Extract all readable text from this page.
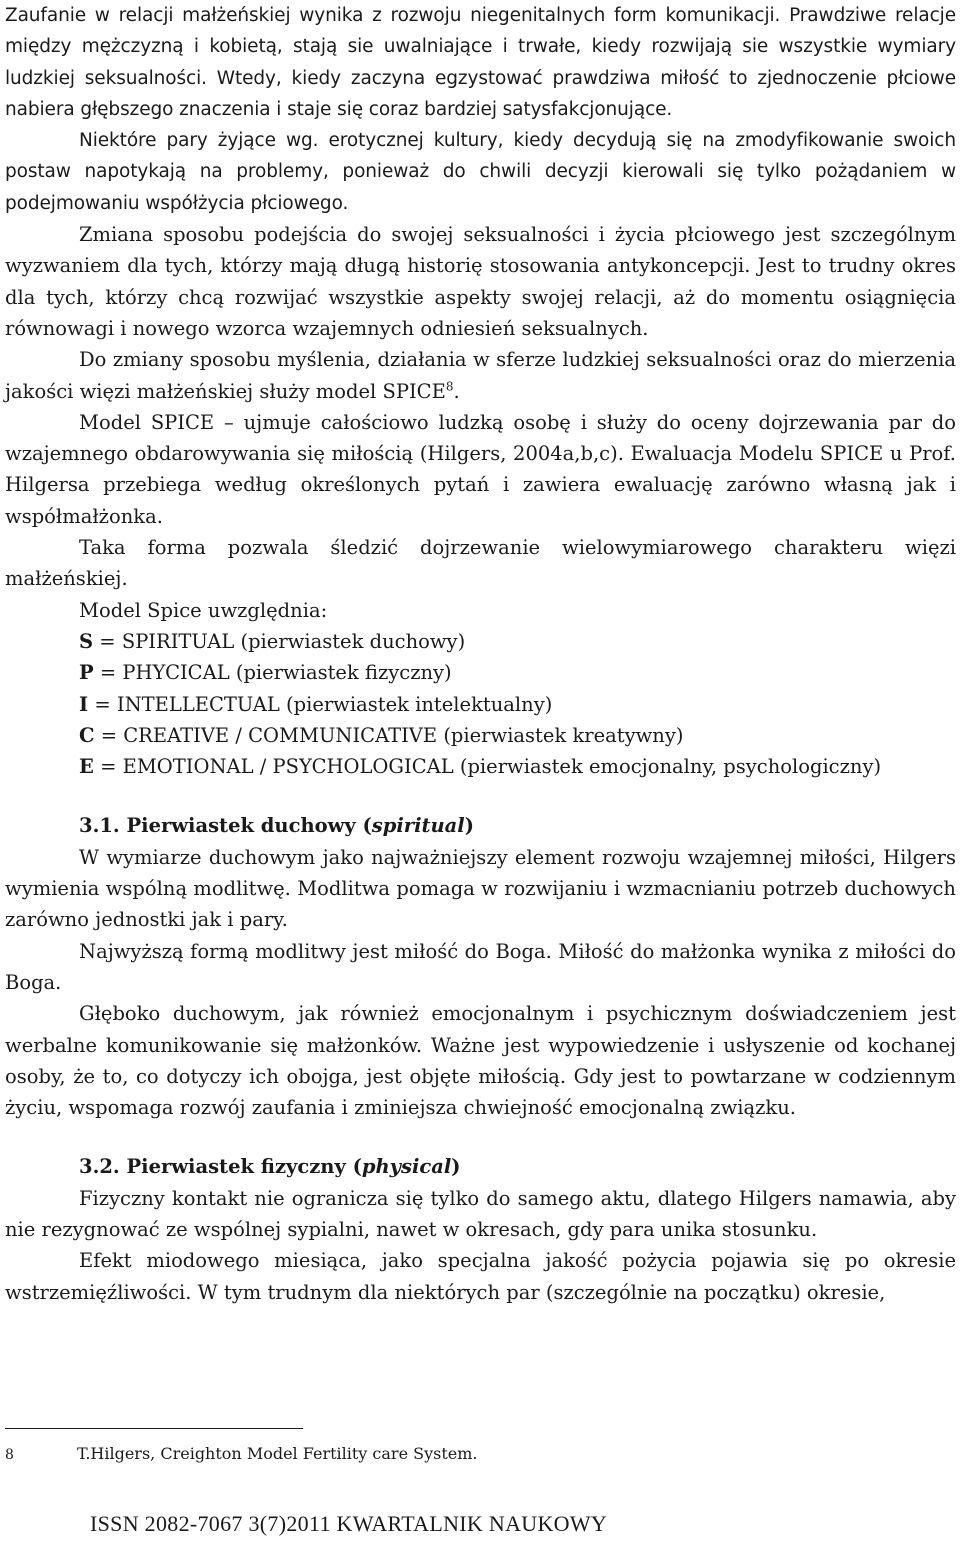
Zaufanie w relacji małżeńskiej wynika z rozwoju niegenitalnych form komunikacji. Prawdziwe relacje między mężczyzną i kobietą, stają sie uwalniające i trwałe, kiedy rozwijają sie wszystkie wymiary ludzkiej seksualności. Wtedy, kiedy zaczyna egzystować prawdziwa miłość to zjednoczenie płciowe nabiera głębszego znaczenia i staje się coraz bardziej satysfakcjonujące.

Niektóre pary żyjące wg. erotycznej kultury, kiedy decydują się na zmodyfikowanie swoich postaw napotykają na problemy, ponieważ do chwili decyzji kierowali się tylko pożądaniem w podejmowaniu współżycia płciowego.

Zmiana sposobu podejścia do swojej seksualności i życia płciowego jest szczególnym wyzwaniem dla tych, którzy mają długą historię stosowania antykoncepcji. Jest to trudny okres dla tych, którzy chcą rozwijać wszystkie aspekty swojej relacji, aż do momentu osiągnięcia równowagi i nowego wzorca wzajemnych odniesień seksualnych.

Do zmiany sposobu myślenia, działania w sferze ludzkiej seksualności oraz do mierzenia jakości więzi małżeńskiej służy model SPICE$^8$.

Model SPICE – ujmuje całościowo ludzką osobę i służy do oceny dojrzewania par do wzajemnego obdarowywania się miłością (Hilgers, 2004a,b,c). Ewaluacja Modelu SPICE u Prof. Hilgersa przebiega według określonych pytań i zawiera ewaluację zarówno własną jak i współmałżonka.

Taka forma pozwala śledzić dojrzewanie wielowymiarowego charakteru więzi małżeńskiej.

Model Spice uwzględnia:

S = SPIRITUAL (pierwiastek duchowy)
P = PHYCICAL (pierwiastek fizyczny)
I = INTELLECTUAL (pierwiastek intelektualny)
C = CREATIVE / COMMUNICATIVE (pierwiastek kreatywny)
E = EMOTIONAL / PSYCHOLOGICAL (pierwiastek emocjonalny, psychologiczny)
3.1. Pierwiastek duchowy (spiritual)

W wymiarze duchowym jako najważniejszy element rozwoju wzajemnej miłości, Hilgers wymienia wspólną modlitwę. Modlitwa pomaga w rozwijaniu i wzmacnianiu potrzeb duchowych zarówno jednostki jak i pary.

Najwyższą formą modlitwy jest miłość do Boga. Miłość do małżonka wynika z miłości do Boga.

Głęboko duchowym, jak również emocjonalnym i psychicznym doświadczeniem jest werbalne komunikowanie się małżonków. Ważne jest wypowiedzenie i usłyszenie od kochanej osoby, że to, co dotyczy ich obojga, jest objęte miłością. Gdy jest to powtarzane w codziennym życiu, wspomaga rozwój zaufania i zminiejsza chwiejność emocjonalną związku.

3.2. Pierwiastek fizyczny (physical)

Fizyczny kontakt nie ogranicza się tylko do samego aktu, dlatego Hilgers namawia, aby nie rezygnować ze wspólnej sypialni, nawet w okresach, gdy para unika stosunku.

Efekt miodowego miesiąca, jako specjalna jakość pożycia pojawia się po okresie wstrzemięźliwości. W tym trudnym dla niektórych par (szczególnie na początku) okresie,

8	T.Hilgers, Creighton Model Fertility care System.
ISSN 2082-7067 3(7)2011 KWARTALNIK NAUKOWY
